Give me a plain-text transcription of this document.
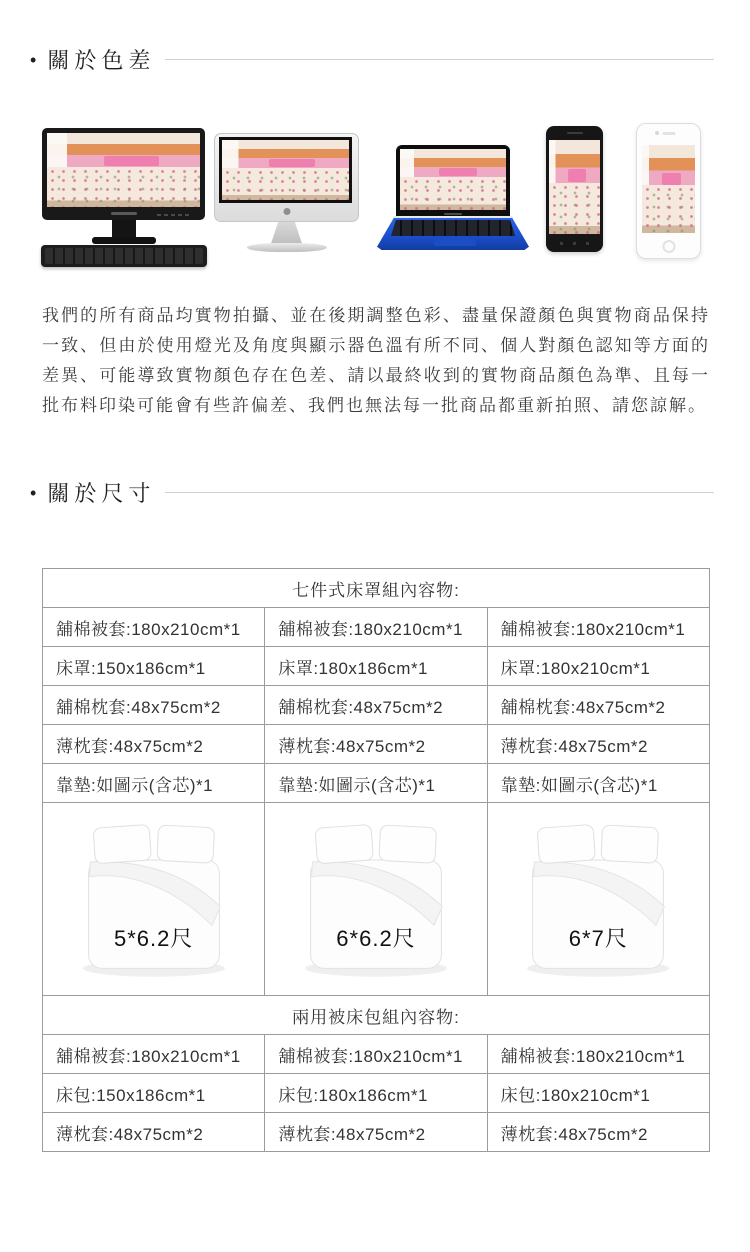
• 關於色差

我們的所有商品均實物拍攝、並在後期調整色彩、盡量保證顏色與實物商品保持一致、但由於使用燈光及角度與顯示器色溫有所不同、個人對顏色認知等方面的差異、可能導致實物顏色存在色差、請以最終收到的實物商品顏色為準、且每一批布料印染可能會有些許偏差、我們也無法每一批商品都重新拍照、請您諒解。

• 關於尺寸
七件式床罩組內容物:		
舖棉被套:180x210cm*1	舖棉被套:180x210cm*1	舖棉被套:180x210cm*1
床罩:150x186cm*1	床罩:180x186cm*1	床罩:180x210cm*1
舖棉枕套:48x75cm*2	舖棉枕套:48x75cm*2	舖棉枕套:48x75cm*2
薄枕套:48x75cm*2	薄枕套:48x75cm*2	薄枕套:48x75cm*2
靠墊:如圖示(含芯)*1	靠墊:如圖示(含芯)*1	靠墊:如圖示(含芯)*1

5*6.2尺	6*6.2尺	6*7尺

兩用被床包組內容物:		
舖棉被套:180x210cm*1	舖棉被套:180x210cm*1	舖棉被套:180x210cm*1
床包:150x186cm*1	床包:180x186cm*1	床包:180x210cm*1
薄枕套:48x75cm*2	薄枕套:48x75cm*2	薄枕套:48x75cm*2
